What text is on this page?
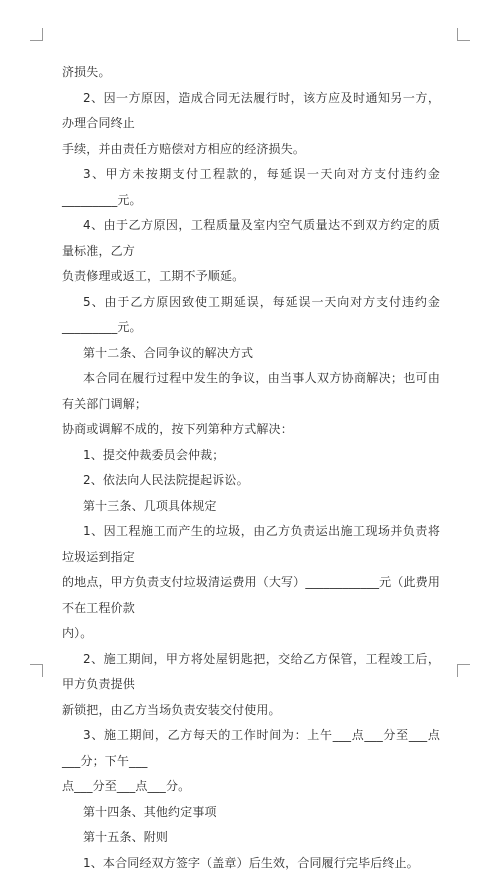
济损失。

2、因一方原因，造成合同无法履行时，该方应及时通知另一方，办理合同终止

手续，并由责任方赔偿对方相应的经济损失。

3、甲方未按期支付工程款的，每延误一天向对方支付违约金_________元。

4、由于乙方原因，工程质量及室内空气质量达不到双方约定的质量标准，乙方

负责修理或返工，工期不予顺延。

5、由于乙方原因致使工期延误，每延误一天向对方支付违约金_________元。

第十二条、合同争议的解决方式

本合同在履行过程中发生的争议，由当事人双方协商解决；也可由有关部门调解；

协商或调解不成的，按下列第种方式解决：

1、提交仲裁委员会仲裁；

2、依法向人民法院提起诉讼。

第十三条、几项具体规定

1、因工程施工而产生的垃圾，由乙方负责运出施工现场并负责将垃圾运到指定

的地点，甲方负责支付垃圾清运费用（大写）____________元（此费用不在工程价款

内）。

2、施工期间，甲方将处屋钥匙把，交给乙方保管，工程竣工后，甲方负责提供

新锁把，由乙方当场负责安装交付使用。

3、施工期间，乙方每天的工作时间为：上午___点___分至___点___分；下午___

点___分至___点___分。

第十四条、其他约定事项

第十五条、附则

1、本合同经双方签字（盖章）后生效，合同履行完毕后终止。
